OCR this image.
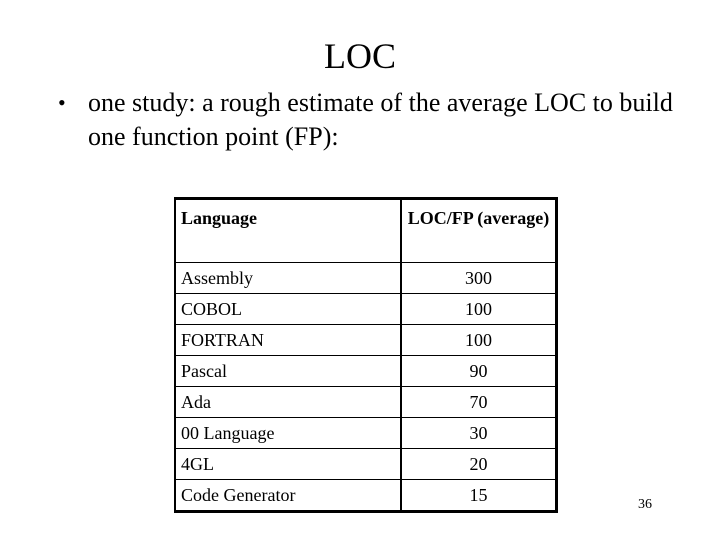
LOC
• one study: a rough estimate of the average LOC to build one function point (FP):
Language	LOC/FP (average)
Assembly	300
COBOL	100
FORTRAN	100
Pascal	90
Ada	70
00 Language	30
4GL	20
Code Generator	15	36
